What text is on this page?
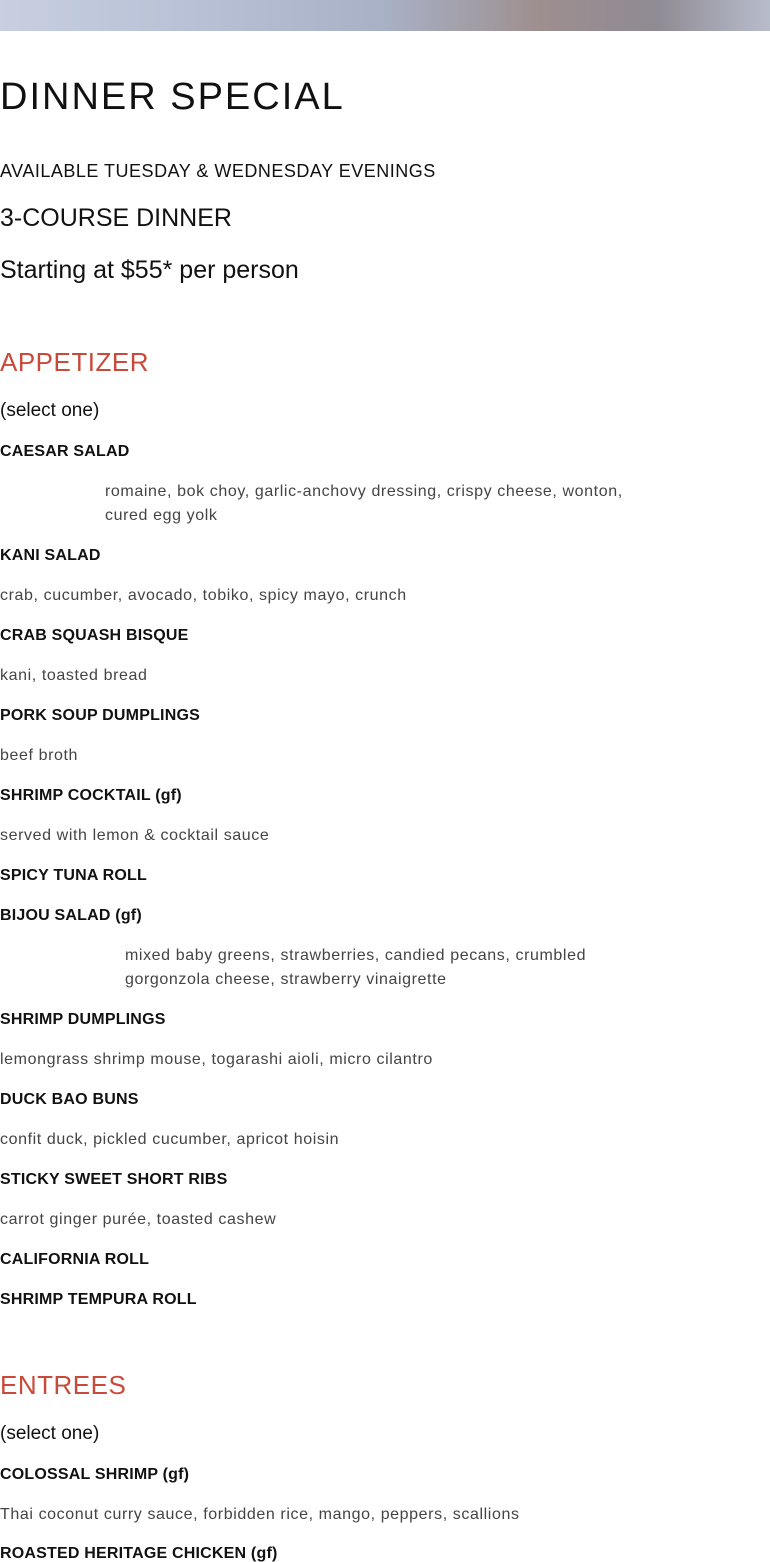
DINNER SPECIAL
AVAILABLE TUESDAY & WEDNESDAY EVENINGS
3-COURSE DINNER
Starting at $55* per person
APPETIZER
(select one)
CAESAR SALAD
romaine, bok choy, garlic-anchovy dressing, crispy cheese, wonton, cured egg yolk
KANI SALAD
crab, cucumber, avocado, tobiko, spicy mayo, crunch
CRAB SQUASH BISQUE
kani, toasted bread
PORK SOUP DUMPLINGS
beef broth
SHRIMP COCKTAIL (gf)
served with lemon & cocktail sauce
SPICY TUNA ROLL
BIJOU SALAD (gf)
mixed baby greens, strawberries, candied pecans, crumbled gorgonzola cheese, strawberry vinaigrette
SHRIMP DUMPLINGS
lemongrass shrimp mouse, togarashi aioli, micro cilantro
DUCK BAO BUNS
confit duck, pickled cucumber, apricot hoisin
STICKY SWEET SHORT RIBS
carrot ginger purée, toasted cashew
CALIFORNIA ROLL
SHRIMP TEMPURA ROLL
ENTREES
(select one)
COLOSSAL SHRIMP (gf)
Thai coconut curry sauce, forbidden rice, mango, peppers, scallions
ROASTED HERITAGE CHICKEN (gf)
